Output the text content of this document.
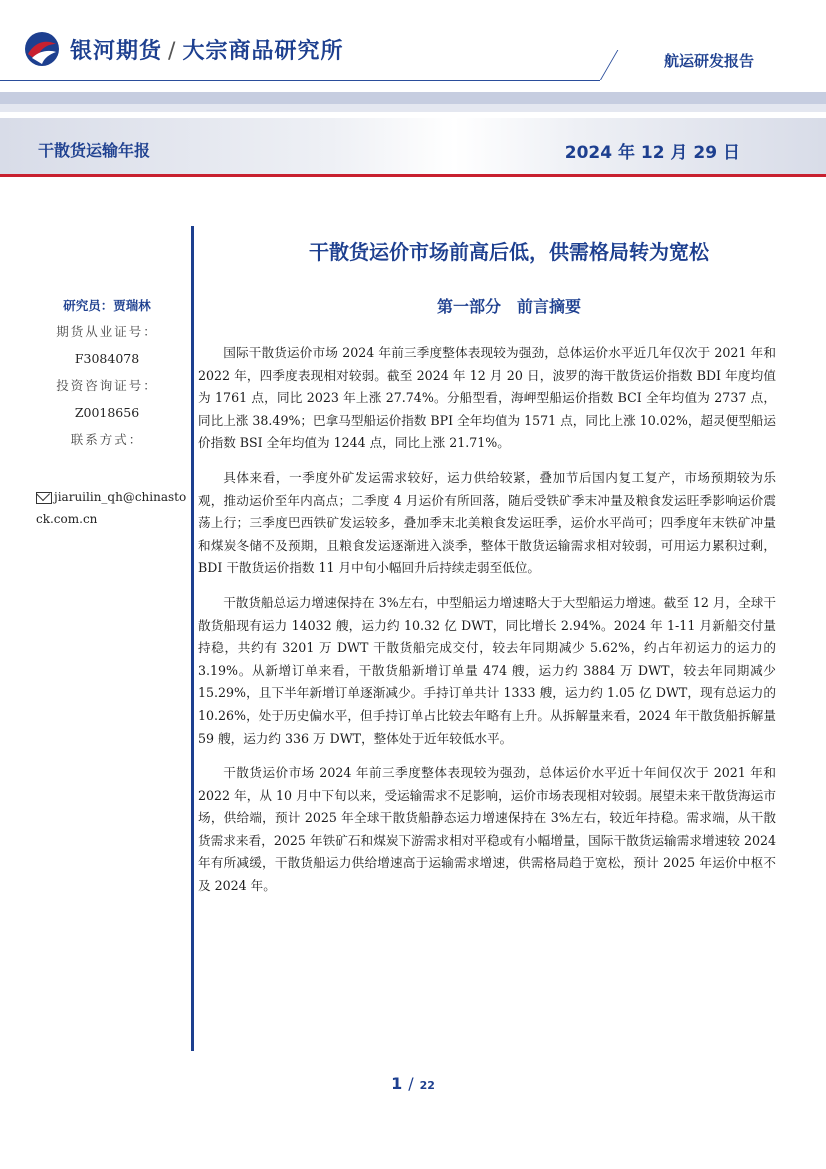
银河期货 / 大宗商品研究所	航运研发报告
干散货运输年报	2024 年 12 月 29 日
干散货运价市场前高后低，供需格局转为宽松
研究员：贾瑞林
期货从业证号：
F3084078
投资咨询证号：
Z0018656
联系方式：
jiaruilin_qh@chinastock.com.cn
第一部分　前言摘要

国际干散货运价市场 2024 年前三季度整体表现较为强劲，总体运价水平近几年仅次于 2021 年和 2022 年，四季度表现相对较弱。截至 2024 年 12 月 20 日，波罗的海干散货运价指数 BDI 年度均值为 1761 点，同比 2023 年上涨 27.74%。分船型看，海岬型船运价指数 BCI 全年均值为 2737 点，同比上涨 38.49%；巴拿马型船运价指数 BPI 全年均值为 1571 点，同比上涨 10.02%，超灵便型船运价指数 BSI 全年均值为 1244 点，同比上涨 21.71%。

具体来看，一季度外矿发运需求较好，运力供给较紧，叠加节后国内复工复产，市场预期较为乐观，推动运价至年内高点；二季度 4 月运价有所回落，随后受铁矿季末冲量及粮食发运旺季影响运价震荡上行；三季度巴西铁矿发运较多，叠加季末北美粮食发运旺季，运价水平尚可；四季度年末铁矿冲量和煤炭冬储不及预期，且粮食发运逐渐进入淡季，整体干散货运输需求相对较弱，可用运力累积过剩，BDI 干散货运价指数 11 月中旬小幅回升后持续走弱至低位。

干散货船总运力增速保持在 3%左右，中型船运力增速略大于大型船运力增速。截至 12 月，全球干散货船现有运力 14032 艘，运力约 10.32 亿 DWT，同比增长 2.94%。2024 年 1-11 月新船交付量持稳，共约有 3201 万 DWT 干散货船完成交付，较去年同期减少 5.62%，约占年初运力的运力的 3.19%。从新增订单来看，干散货船新增订单量 474 艘，运力约 3884 万 DWT，较去年同期减少 15.29%，且下半年新增订单逐渐减少。手持订单共计 1333 艘，运力约 1.05 亿 DWT，现有总运力的 10.26%，处于历史偏水平，但手持订单占比较去年略有上升。从拆解量来看，2024 年干散货船拆解量 59 艘，运力约 336 万 DWT，整体处于近年较低水平。

干散货运价市场 2024 年前三季度整体表现较为强劲，总体运价水平近十年间仅次于 2021 年和 2022 年，从 10 月中下旬以来，受运输需求不足影响，运价市场表现相对较弱。展望未来干散货海运市场，供给端，预计 2025 年全球干散货船静态运力增速保持在 3%左右，较近年持稳。需求端，从干散货需求来看，2025 年铁矿石和煤炭下游需求相对平稳或有小幅增量，国际干散货运输需求增速较 2024 年有所减缓，干散货船运力供给增速高于运输需求增速，供需格局趋于宽松，预计 2025 年运价中枢不及 2024 年。

1 / 22
